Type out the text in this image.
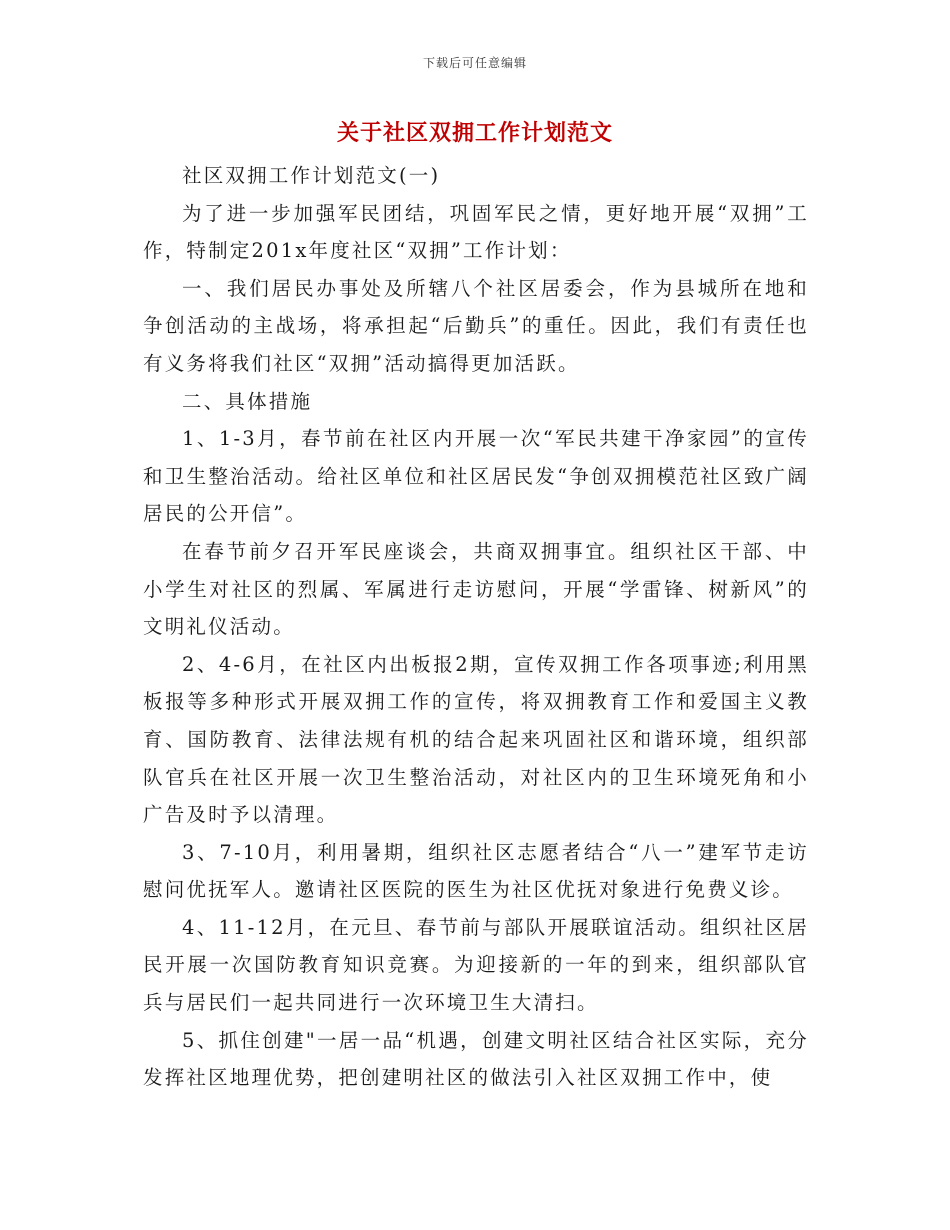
下载后可任意编辑
关于社区双拥工作计划范文

社区双拥工作计划范文(一)

为了进一步加强军民团结，巩固军民之情，更好地开展“双拥”工作，特制定201x年度社区“双拥”工作计划：

一、我们居民办事处及所辖八个社区居委会，作为县城所在地和争创活动的主战场，将承担起“后勤兵”的重任。因此，我们有责任也有义务将我们社区“双拥”活动搞得更加活跃。

二、具体措施

1、1-3月，春节前在社区内开展一次“军民共建干净家园”的宣传和卫生整治活动。给社区单位和社区居民发“争创双拥模范社区致广阔居民的公开信”。

在春节前夕召开军民座谈会，共商双拥事宜。组织社区干部、中小学生对社区的烈属、军属进行走访慰问，开展“学雷锋、树新风”的文明礼仪活动。

2、4-6月，在社区内出板报2期，宣传双拥工作各项事迹;利用黑板报等多种形式开展双拥工作的宣传，将双拥教育工作和爱国主义教育、国防教育、法律法规有机的结合起来巩固社区和谐环境，组织部队官兵在社区开展一次卫生整治活动，对社区内的卫生环境死角和小广告及时予以清理。

3、7-10月，利用暑期，组织社区志愿者结合“八一”建军节走访慰问优抚军人。邀请社区医院的医生为社区优抚对象进行免费义诊。

4、11-12月，在元旦、春节前与部队开展联谊活动。组织社区居民开展一次国防教育知识竞赛。为迎接新的一年的到来，组织部队官兵与居民们一起共同进行一次环境卫生大清扫。

5、抓住创建"一居一品“机遇，创建文明社区结合社区实际，充分发挥社区地理优势，把创建明社区的做法引入社区双拥工作中，使
